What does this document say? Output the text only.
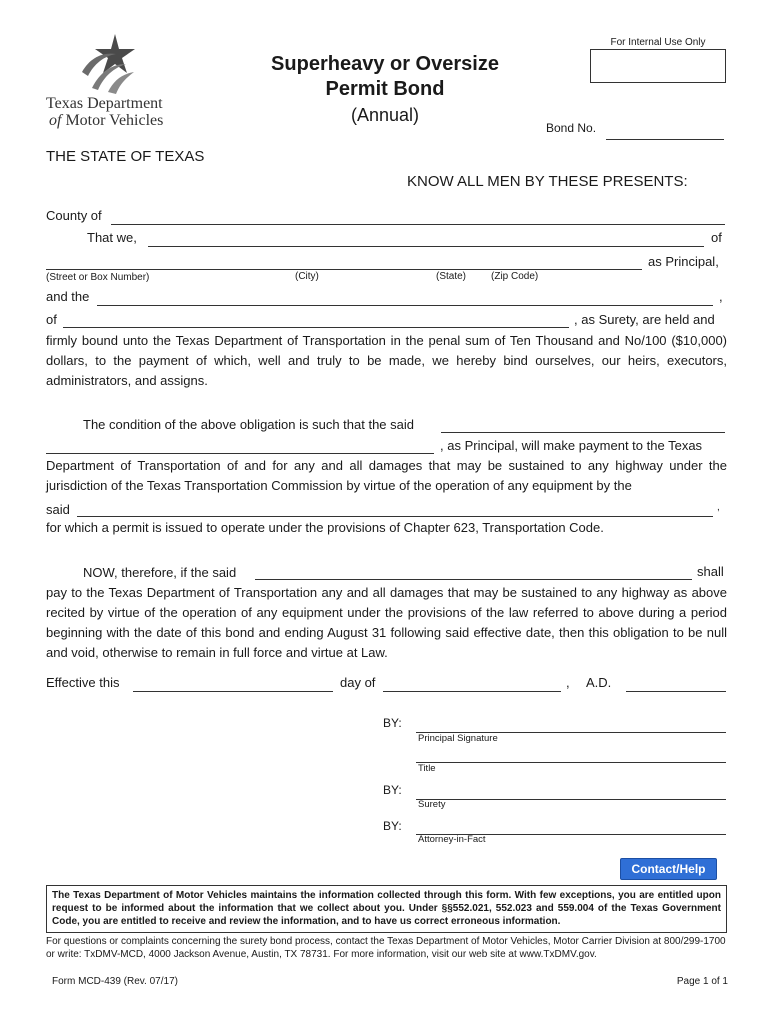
Texas Department
of Motor Vehicles
Superheavy or Oversize
Permit Bond
(Annual)
For Internal Use Only
Bond No.
THE STATE OF TEXAS
KNOW ALL MEN BY THESE PRESENTS:
County of
That we,	of
as Principal,
(Street or Box Number)	(City)	(State) (Zip Code)
and the	,
of	, as Surety, are held and
firmly bound unto the Texas Department of Transportation in the penal sum of Ten Thousand and No/100 ($10,000) dollars, to the payment of which, well and truly to be made, we hereby bind ourselves, our heirs, executors, administrators, and assigns.
The condition of the above obligation is such that the said
, as Principal, will make payment to the Texas
Department of Transportation of and for any and all damages that may be sustained to any highway under the jurisdiction of the Texas Transportation Commission by virtue of the operation of any equipment by the
said	,
for which a permit is issued to operate under the provisions of Chapter 623, Transportation Code.
NOW, therefore, if the said	shall
pay to the Texas Department of Transportation any and all damages that may be sustained to any highway as above recited by virtue of the operation of any equipment under the provisions of the law referred to above during a period beginning with the date of this bond and ending August 31 following said effective date, then this obligation to be null and void, otherwise to remain in full force and virtue at Law.
Effective this	day of	, A.D.
BY:
Principal Signature
Title
BY:
Surety
BY:
Attorney-in-Fact
Contact/Help
The Texas Department of Motor Vehicles maintains the information collected through this form. With few exceptions, you are entitled upon request to be informed about the information that we collect about you. Under §§552.021, 552.023 and 559.004 of the Texas Government Code, you are entitled to receive and review the information, and to have us correct erroneous information.
For questions or complaints concerning the surety bond process, contact the Texas Department of Motor Vehicles, Motor Carrier Division at 800/299-1700 or write: TxDMV-MCD, 4000 Jackson Avenue, Austin, TX 78731. For more information, visit our web site at www.TxDMV.gov.
Form MCD-439 (Rev. 07/17)	Page 1 of 1
